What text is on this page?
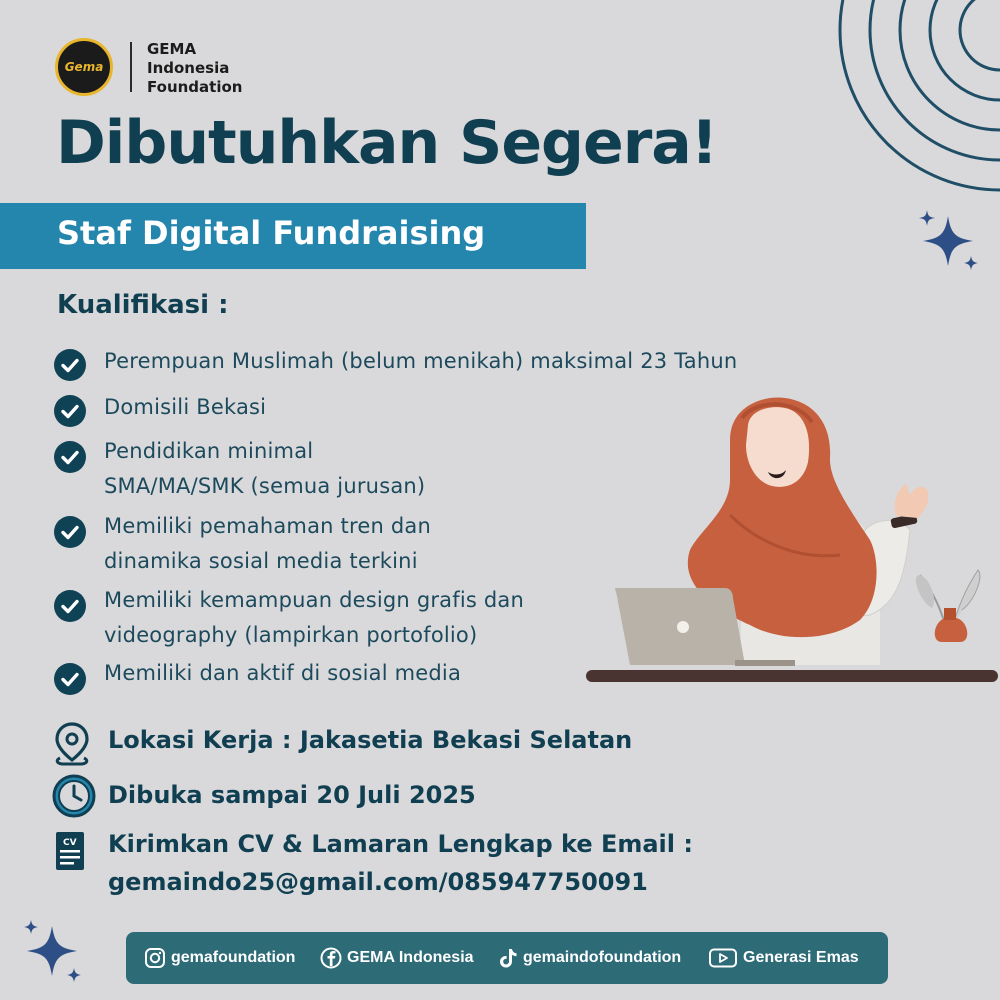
Gema
GEMA
Indonesia
Foundation
Dibutuhkan Segera!
Staf Digital Fundraising
Kualifikasi :
Perempuan Muslimah (belum menikah) maksimal 23 Tahun
Domisili Bekasi
Pendidikan minimal
SMA/MA/SMK (semua jurusan)
Memiliki pemahaman tren dan
dinamika sosial media terkini
Memiliki kemampuan design grafis dan
videography (lampirkan portofolio)
Memiliki dan aktif di sosial media
Lokasi Kerja : Jakasetia Bekasi Selatan
Dibuka sampai 20 Juli 2025
CV Kirimkan CV & Lamaran Lengkap ke Email :
gemaindo25@gmail.com/085947750091
gemafoundation	GEMA Indonesia	gemaindofoundation	Generasi Emas
